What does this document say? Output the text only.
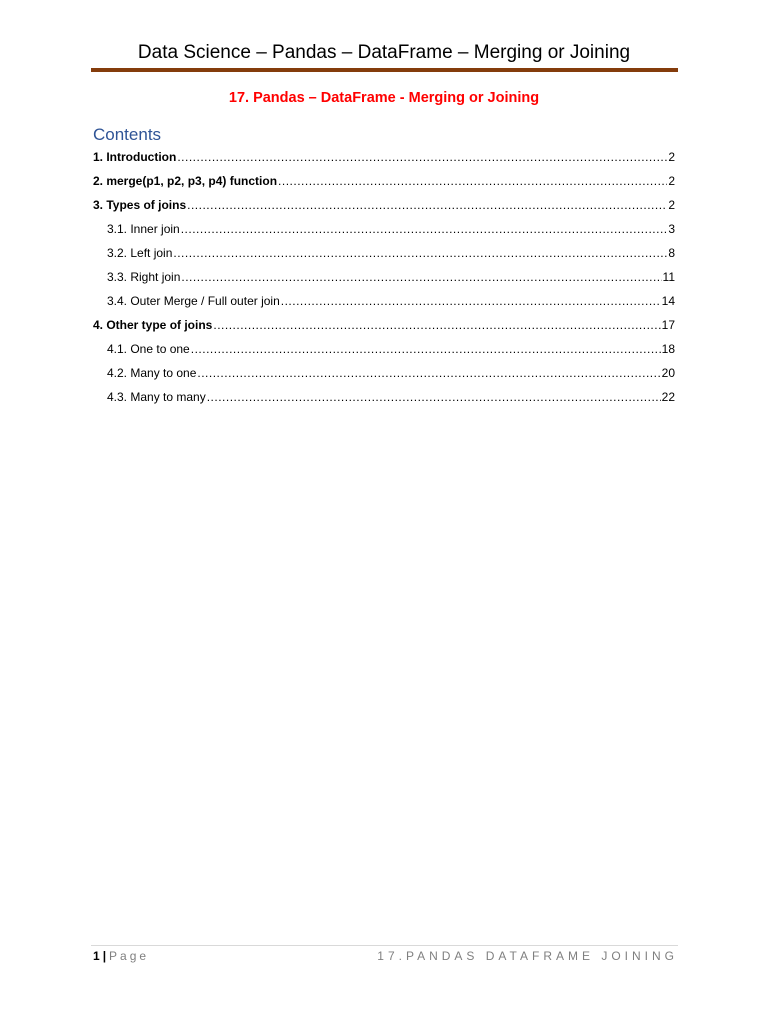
Data Science – Pandas – DataFrame – Merging or Joining
17. Pandas – DataFrame - Merging or Joining
Contents
1. Introduction .....	2
2. merge(p1, p2, p3, p4) function .....	2
3. Types of joins .....	2
3.1. Inner join .....	3
3.2. Left join .....	8
3.3. Right join .....	11
3.4. Outer Merge / Full outer join .....	14
4. Other type of joins .....	17
4.1. One to one .....	18
4.2. Many to one .....	20
4.3. Many to many .....	22
1 | Page	17.PANDAS DATAFRAME JOINING
